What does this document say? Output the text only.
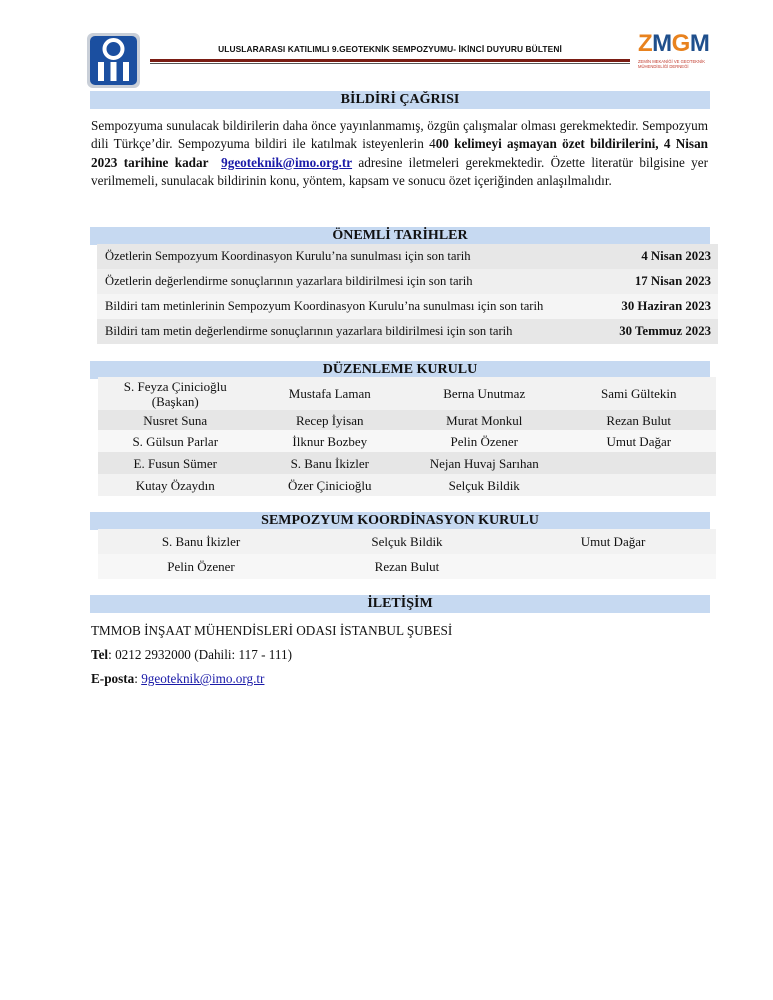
ULUSLARARASI KATILIMLI 9.GEOTEKNİK SEMPOZYUMU- İKİNCİ DUYURU BÜLTENİ	ZMGM
ZEMİN MEKANİĞİ VE GEOTEKNİK MÜHENDİSLİĞİ DERNEĞİ
BİLDİRİ ÇAĞRISI
Sempozyuma sunulacak bildirilerin daha önce yayınlanmamış, özgün çalışmalar olması gerekmektedir. Sempozyum dili Türkçe’dir. Sempozyuma bildiri ile katılmak isteyenlerin 400 kelimeyi aşmayan özet bildirilerini, 4 Nisan 2023 tarihine kadar 9geoteknik@imo.org.tr adresine iletmeleri gerekmektedir. Özette literatür bilgisine yer verilmemeli, sunulacak bildirinin konu, yöntem, kapsam ve sonucu özet içeriğinden anlaşılmalıdır.
ÖNEMLİ TARİHLER
Özetlerin Sempozyum Koordinasyon Kurulu’na sunulması için son tarih	4 Nisan 2023
Özetlerin değerlendirme sonuçlarının yazarlara bildirilmesi için son tarih	17 Nisan 2023
Bildiri tam metinlerinin Sempozyum Koordinasyon Kurulu’na sunulması için son tarih	30 Haziran 2023
Bildiri tam metin değerlendirme sonuçlarının yazarlara bildirilmesi için son tarih	30 Temmuz 2023
DÜZENLEME KURULU
S. Feyza Çinicioğlu
(Başkan)	Mustafa Laman	Berna Unutmaz	Sami Gültekin
Nusret Suna	Recep İyisan	Murat Monkul	Rezan Bulut
S. Gülsun Parlar	İlknur Bozbey	Pelin Özener	Umut Dağar
E. Fusun Sümer	S. Banu İkizler	Nejan Huvaj Sarıhan
Kutay Özaydın	Özer Çinicioğlu	Selçuk Bildik
SEMPOZYUM KOORDİNASYON KURULU
S. Banu İkizler	Selçuk Bildik	Umut Dağar
Pelin Özener	Rezan Bulut
İLETİŞİM
TMMOB İNŞAAT MÜHENDİSLERİ ODASI İSTANBUL ŞUBESİ
Tel: 0212 2932000 (Dahili: 117 - 111)
E-posta: 9geoteknik@imo.org.tr
